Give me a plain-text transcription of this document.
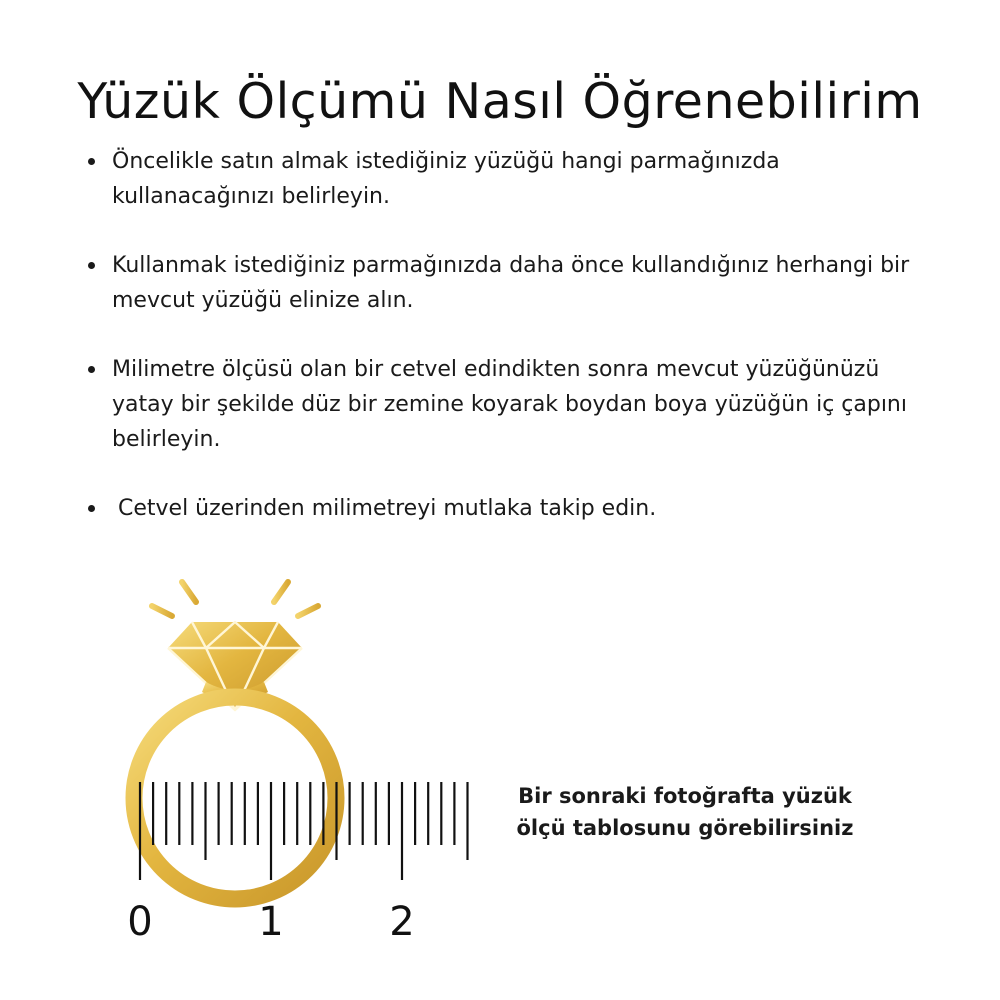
Yüzük Ölçümü Nasıl Öğrenebilirim
Öncelikle satın almak istediğiniz yüzüğü hangi parmağınızda kullanacağınızı belirleyin.
Kullanmak istediğiniz parmağınızda daha önce kullandığınız herhangi bir mevcut yüzüğü elinize alın.
Milimetre ölçüsü olan bir cetvel edindikten sonra mevcut yüzüğünüzü yatay bir şekilde düz bir zemine koyarak boydan boya yüzüğün iç çapını belirleyin.
Cetvel üzerinden milimetreyi mutlaka takip edin.
0	1	2
Bir sonraki fotoğrafta yüzük ölçü tablosunu görebilirsiniz
